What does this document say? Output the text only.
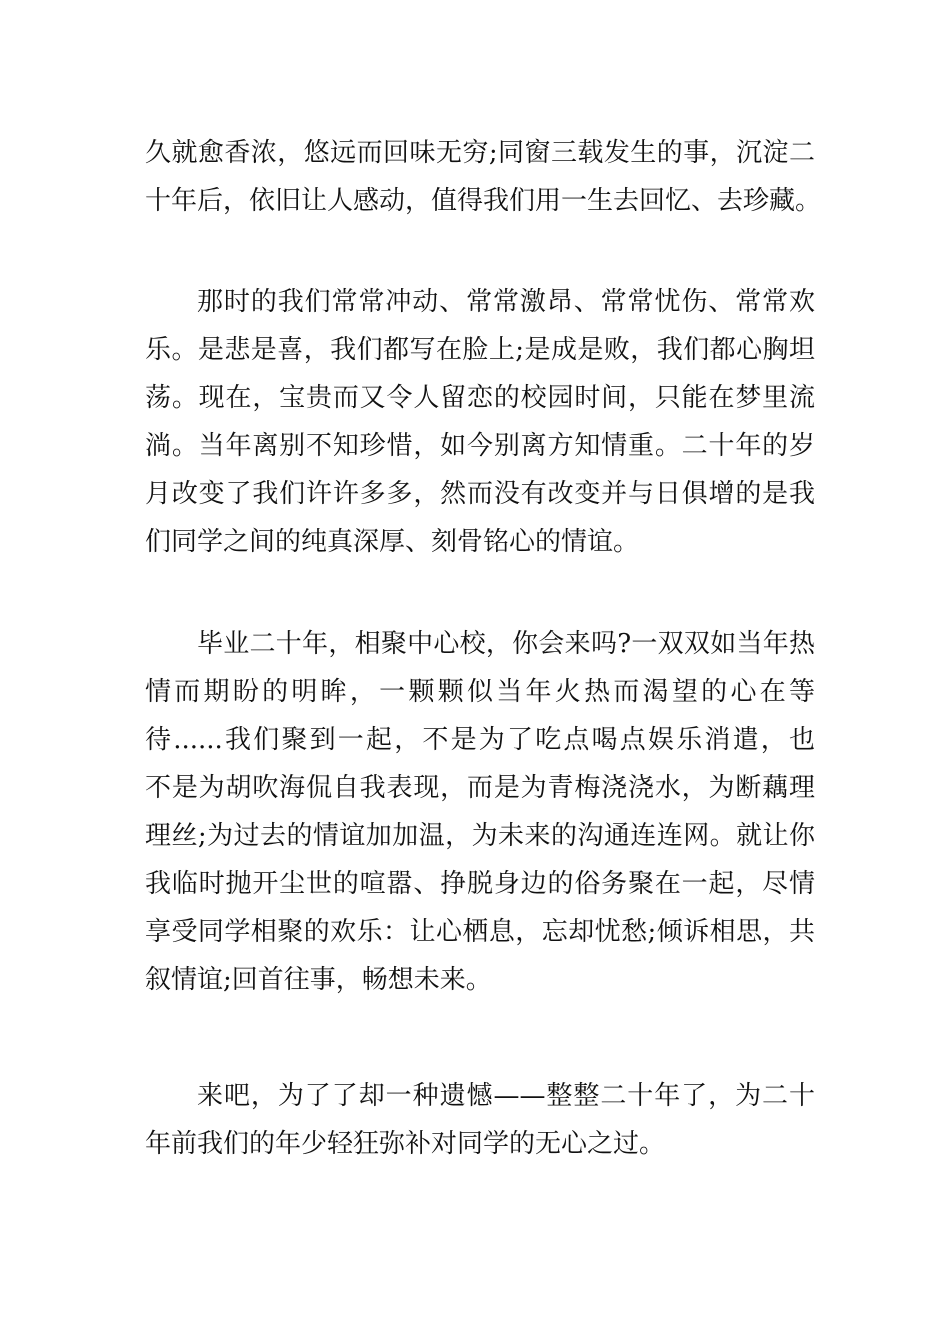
久就愈香浓，悠远而回味无穷;同窗三载发生的事，沉淀二

十年后，依旧让人感动，值得我们用一生去回忆、去珍藏。

那时的我们常常冲动、常常激昂、常常忧伤、常常欢

乐。是悲是喜，我们都写在脸上;是成是败，我们都心胸坦

荡。现在，宝贵而又令人留恋的校园时间，只能在梦里流

淌。当年离别不知珍惜，如今别离方知情重。二十年的岁

月改变了我们许许多多，然而没有改变并与日俱增的是我

们同学之间的纯真深厚、刻骨铭心的情谊。

毕业二十年，相聚中心校，你会来吗?一双双如当年热

情而期盼的明眸，一颗颗似当年火热而渴望的心在等

待......我们聚到一起，不是为了吃点喝点娱乐消遣，也

不是为胡吹海侃自我表现，而是为青梅浇浇水，为断藕理

理丝;为过去的情谊加加温，为未来的沟通连连网。就让你

我临时抛开尘世的喧嚣、挣脱身边的俗务聚在一起，尽情

享受同学相聚的欢乐：让心栖息，忘却忧愁;倾诉相思，共

叙情谊;回首往事，畅想未来。

来吧，为了了却一种遗憾——整整二十年了，为二十

年前我们的年少轻狂弥补对同学的无心之过。
